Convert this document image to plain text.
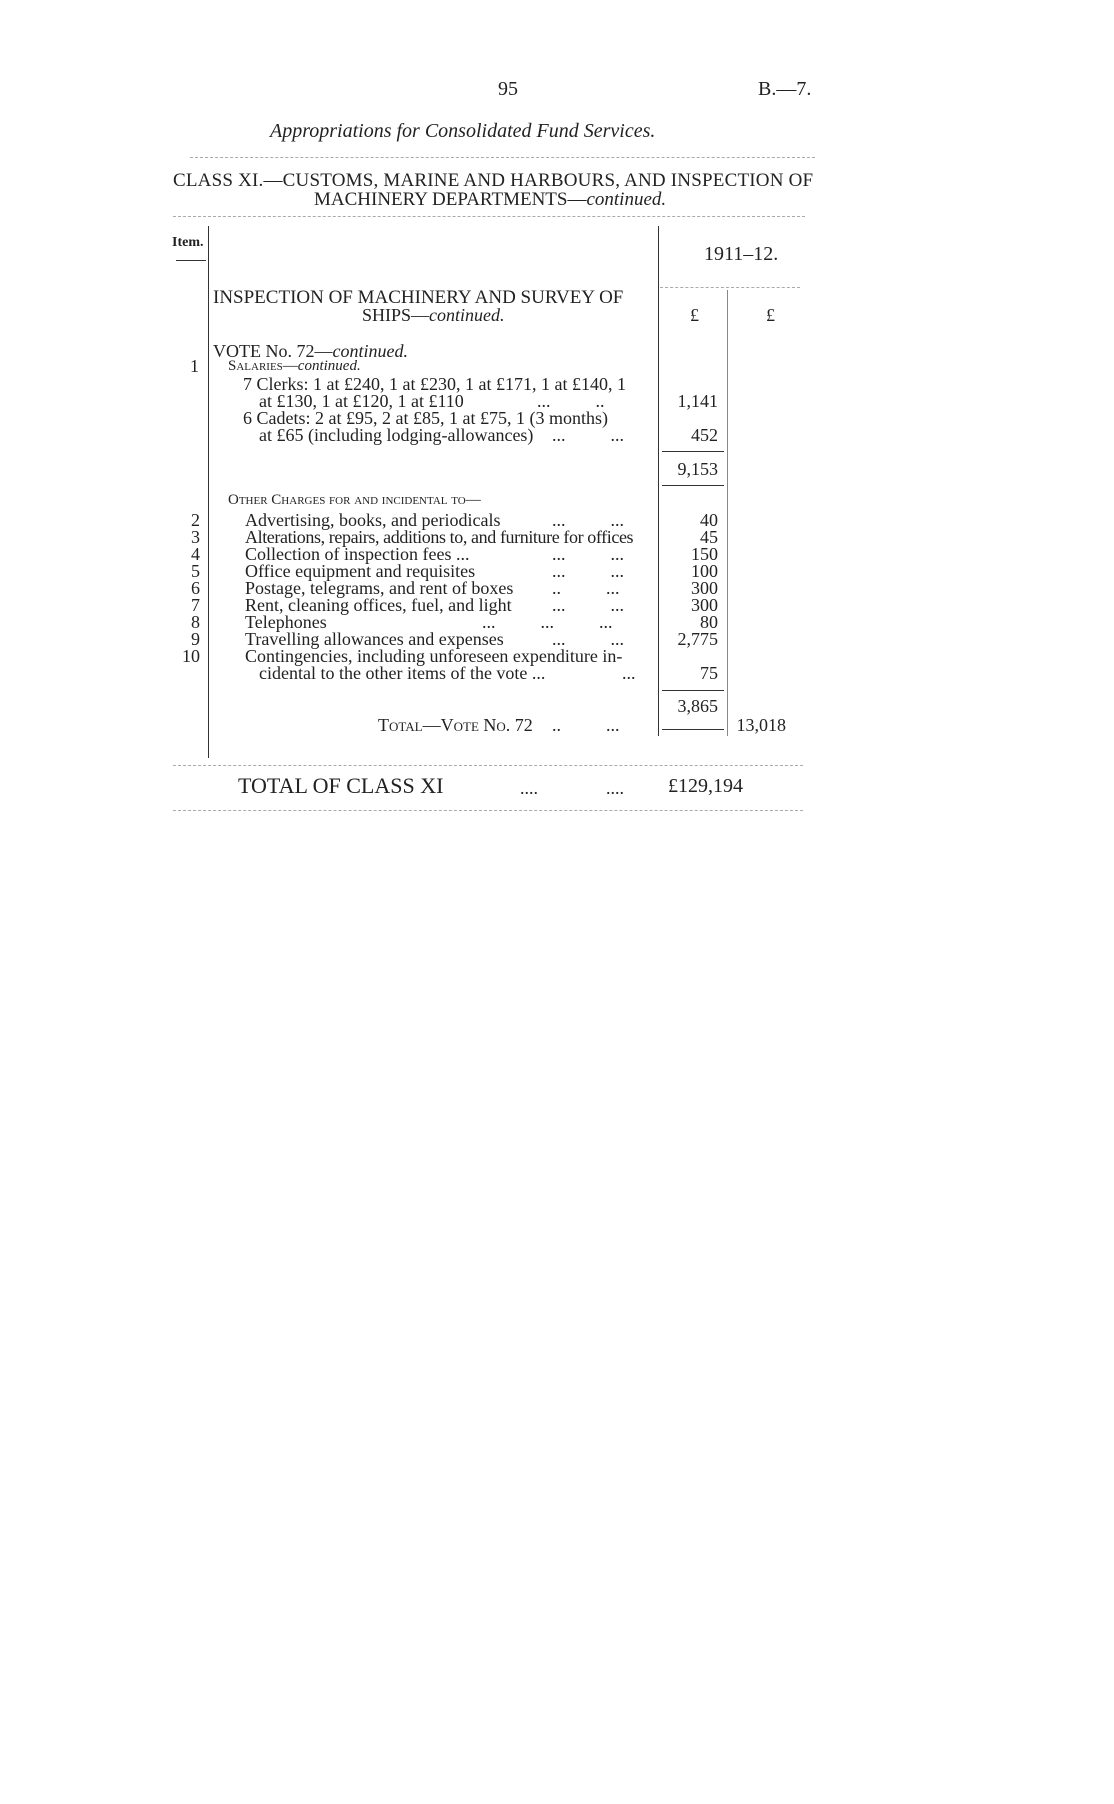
95	B.—7.
Appropriations for Consolidated Fund Services.
CLASS XI.—CUSTOMS, MARINE AND HARBOURS, AND INSPECTION OF
MACHINERY DEPARTMENTS—continued.
Item.
1911–12.
INSPECTION OF MACHINERY AND SURVEY OF
SHIPS—continued.	£	£
VOTE No. 72—continued.
1 Salaries—continued.
7 Clerks: 1 at £240, 1 at £230, 1 at £171, 1 at £140, 1
at £130, 1 at £120, 1 at £110	...          ..	1,141
6 Cadets: 2 at £95, 2 at £85, 1 at £75, 1 (3 months)
at £65 (including lodging-allowances) ...          ...	452
9,153
Other Charges for and incidental to—
2	Advertising, books, and periodicals	...          ...	40
3	Alterations, repairs, additions to, and furniture for offices	45
4	Collection of inspection fees ...	...          ...	150
5	Office equipment and requisites	...          ...	100
6	Postage, telegrams, and rent of boxes ..          ...	300
7	Rent, cleaning offices, fuel, and light ...          ...	300
8	Telephones	...          ...          ...	80
9	Travelling allowances and expenses	...          ...	2,775
10	Contingencies, including unforeseen expenditure in-
cidental to the other items of the vote ...	...	75
3,865
Total—Vote No. 72 ..          ...	13,018
TOTAL OF CLASS XI	....	.... £129,194
